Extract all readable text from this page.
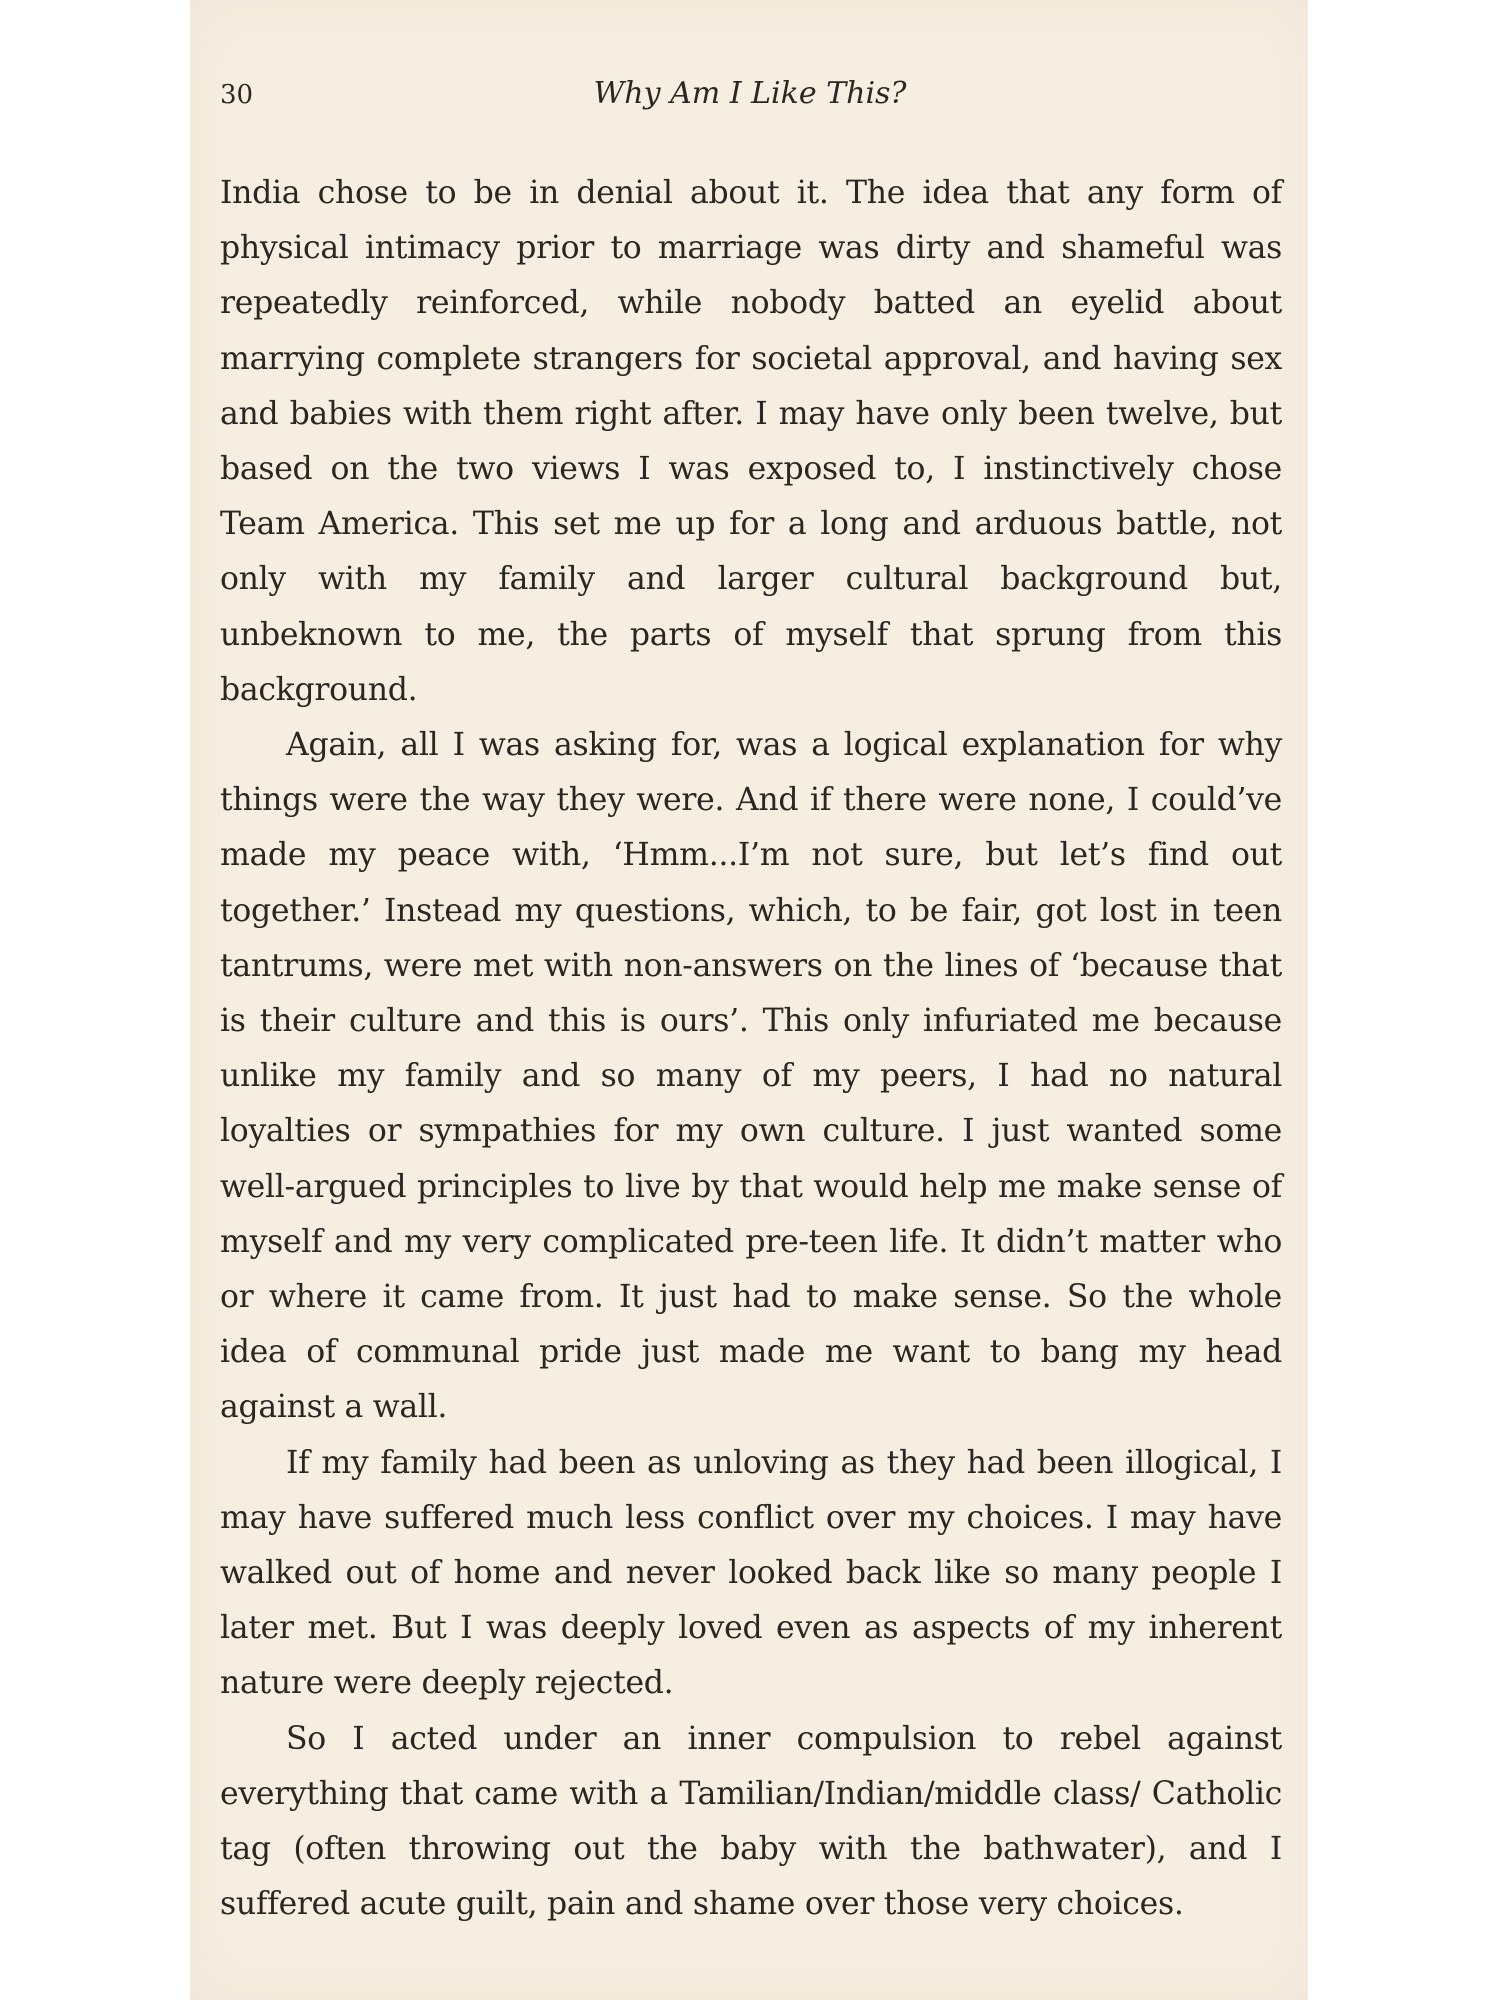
30	Why Am I Like This?

India chose to be in denial about it. The idea that any form of physical intimacy prior to marriage was dirty and shameful was repeatedly reinforced, while nobody batted an eyelid about marrying complete strangers for societal approval, and having sex and babies with them right after. I may have only been twelve, but based on the two views I was exposed to, I instinctively chose Team America. This set me up for a long and arduous battle, not only with my family and larger cultural background but, unbeknown to me, the parts of myself that sprung from this background.

Again, all I was asking for, was a logical explanation for why things were the way they were. And if there were none, I could’ve made my peace with, ‘Hmm...I’m not sure, but let’s find out together.’ Instead my questions, which, to be fair, got lost in teen tantrums, were met with non-answers on the lines of ‘because that is their culture and this is ours’. This only infuriated me because unlike my family and so many of my peers, I had no natural loyalties or sympathies for my own culture. I just wanted some well-argued principles to live by that would help me make sense of myself and my very complicated pre-teen life. It didn’t matter who or where it came from. It just had to make sense. So the whole idea of communal pride just made me want to bang my head against a wall.

If my family had been as unloving as they had been illogical, I may have suffered much less conflict over my choices. I may have walked out of home and never looked back like so many people I later met. But I was deeply loved even as aspects of my inherent nature were deeply rejected.

So I acted under an inner compulsion to rebel against everything that came with a Tamilian/Indian/middle class/ Catholic tag (often throwing out the baby with the bathwater), and I suffered acute guilt, pain and shame over those very choices.
